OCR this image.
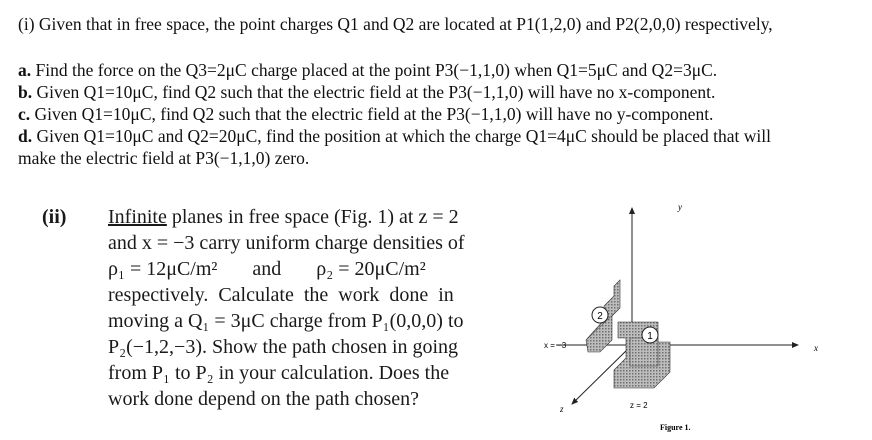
(i) Given that in free space, the point charges Q1 and Q2 are located at P1(1,2,0) and P2(2,0,0) respectively,
a. Find the force on the Q3=2μC charge placed at the point P3(−1,1,0) when Q1=5μC and Q2=3μC.
b. Given Q1=10μC, find Q2 such that the electric field at the P3(−1,1,0) will have no x-component.
c. Given Q1=10μC, find Q2 such that the electric field at the P3(−1,1,0) will have no y-component.
d. Given Q1=10μC and Q2=20μC, find the position at which the charge Q1=4μC should be placed that will
make the electric field at P3(−1,1,0) zero.
(ii) Infinite planes in free space (Fig. 1) at z = 2
and x = −3 carry uniform charge densities of
ρ₁ = 12μC/m²       and       ρ₂ = 20μC/m²
respectively.  Calculate  the  work  done  in
moving a Q₁ = 3μC charge from P₁(0,0,0) to
P₂(−1,2,−3). Show the path chosen in going
from P₁ to P₂ in your calculation. Does the
work done depend on the path chosen?
y
x
z
x = −3
z = 2
2
1
Figure 1.
